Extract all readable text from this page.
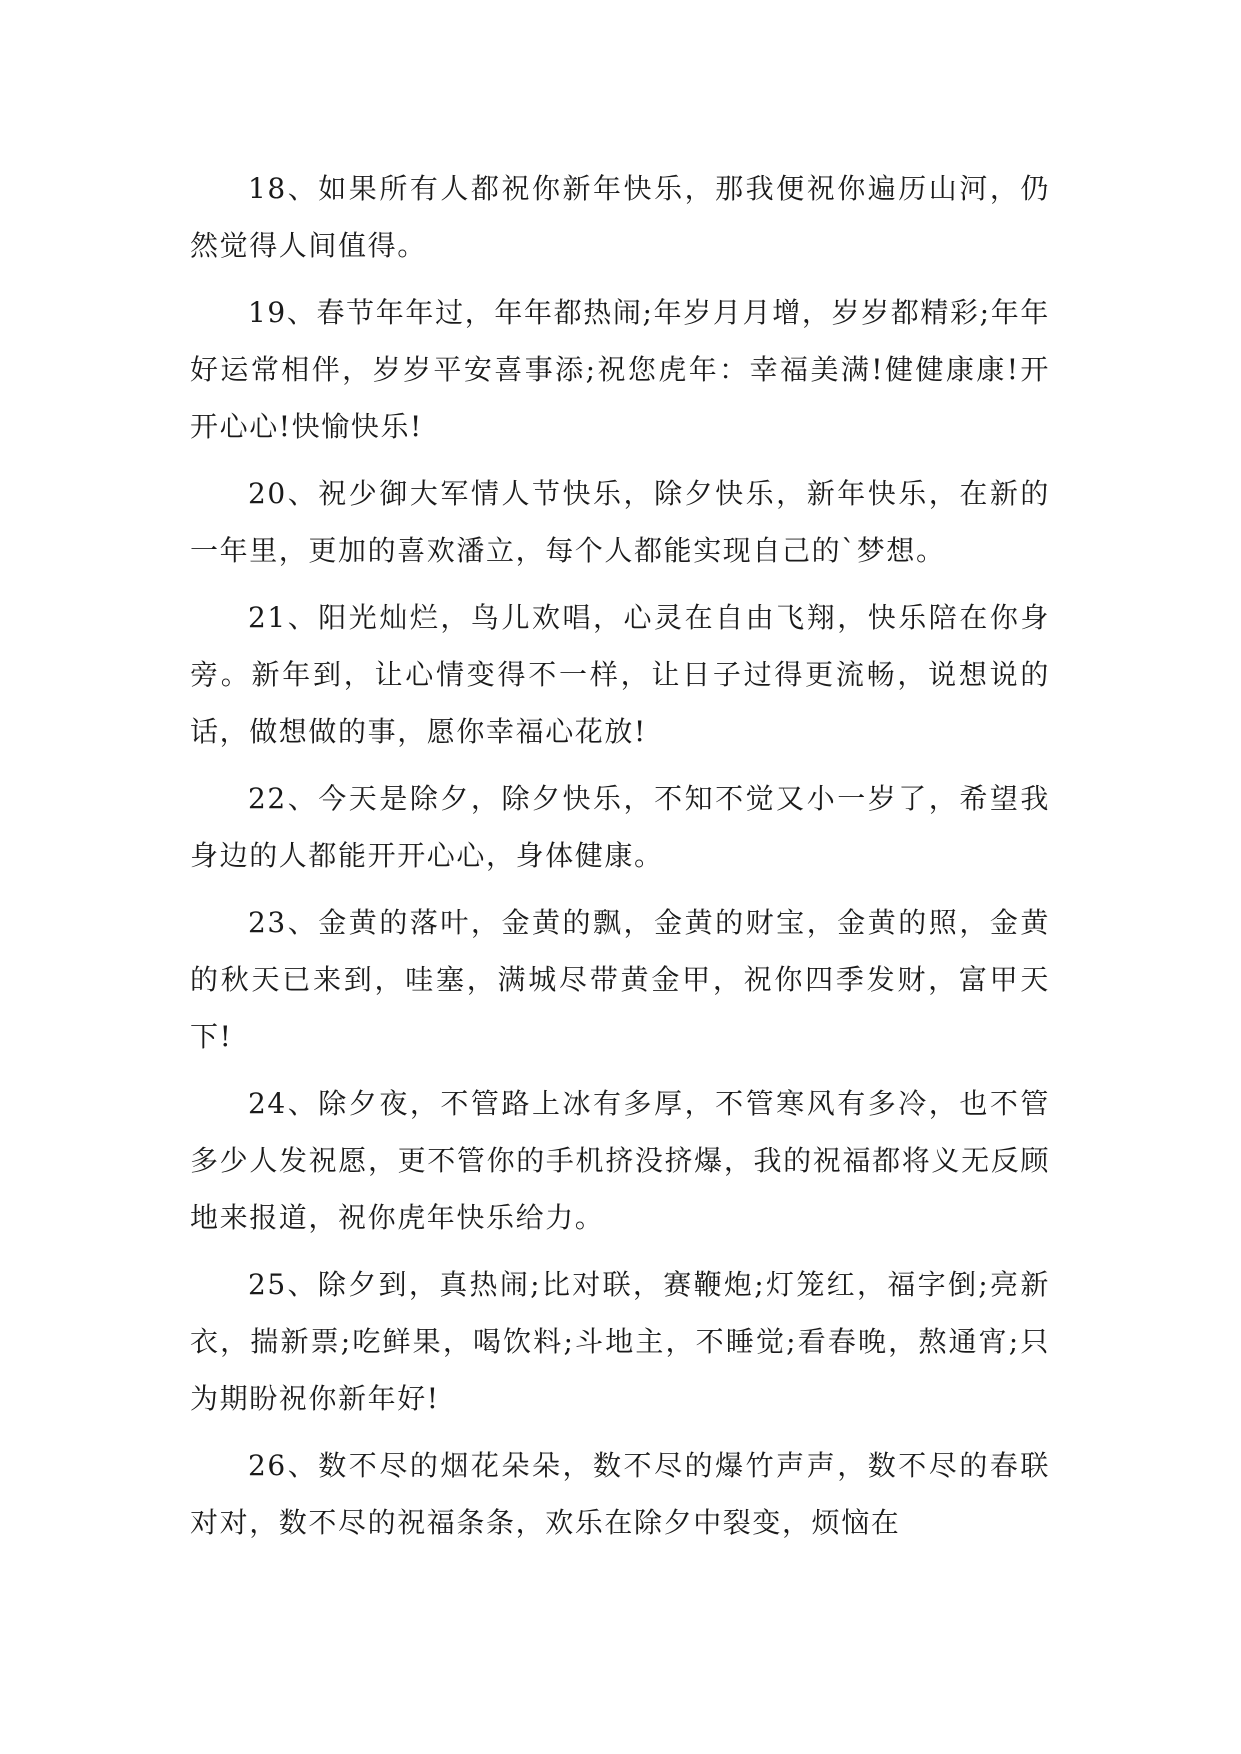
18、如果所有人都祝你新年快乐，那我便祝你遍历山河，仍然觉得人间值得。

19、春节年年过，年年都热闹;年岁月月增，岁岁都精彩;年年好运常相伴，岁岁平安喜事添;祝您虎年：幸福美满!健健康康!开开心心!快愉快乐!

20、祝少御大军情人节快乐，除夕快乐，新年快乐，在新的一年里，更加的喜欢潘立，每个人都能实现自己的`梦想。

21、阳光灿烂，鸟儿欢唱，心灵在自由飞翔，快乐陪在你身旁。新年到，让心情变得不一样，让日子过得更流畅，说想说的话，做想做的事，愿你幸福心花放!

22、今天是除夕，除夕快乐，不知不觉又小一岁了，希望我身边的人都能开开心心，身体健康。

23、金黄的落叶，金黄的飘，金黄的财宝，金黄的照，金黄的秋天已来到，哇塞，满城尽带黄金甲，祝你四季发财，富甲天下!

24、除夕夜，不管路上冰有多厚，不管寒风有多冷，也不管多少人发祝愿，更不管你的手机挤没挤爆，我的祝福都将义无反顾地来报道，祝你虎年快乐给力。

25、除夕到，真热闹;比对联，赛鞭炮;灯笼红，福字倒;亮新衣，揣新票;吃鲜果，喝饮料;斗地主，不睡觉;看春晚，熬通宵;只为期盼祝你新年好!

26、数不尽的烟花朵朵，数不尽的爆竹声声，数不尽的春联对对，数不尽的祝福条条，欢乐在除夕中裂变，烦恼在
